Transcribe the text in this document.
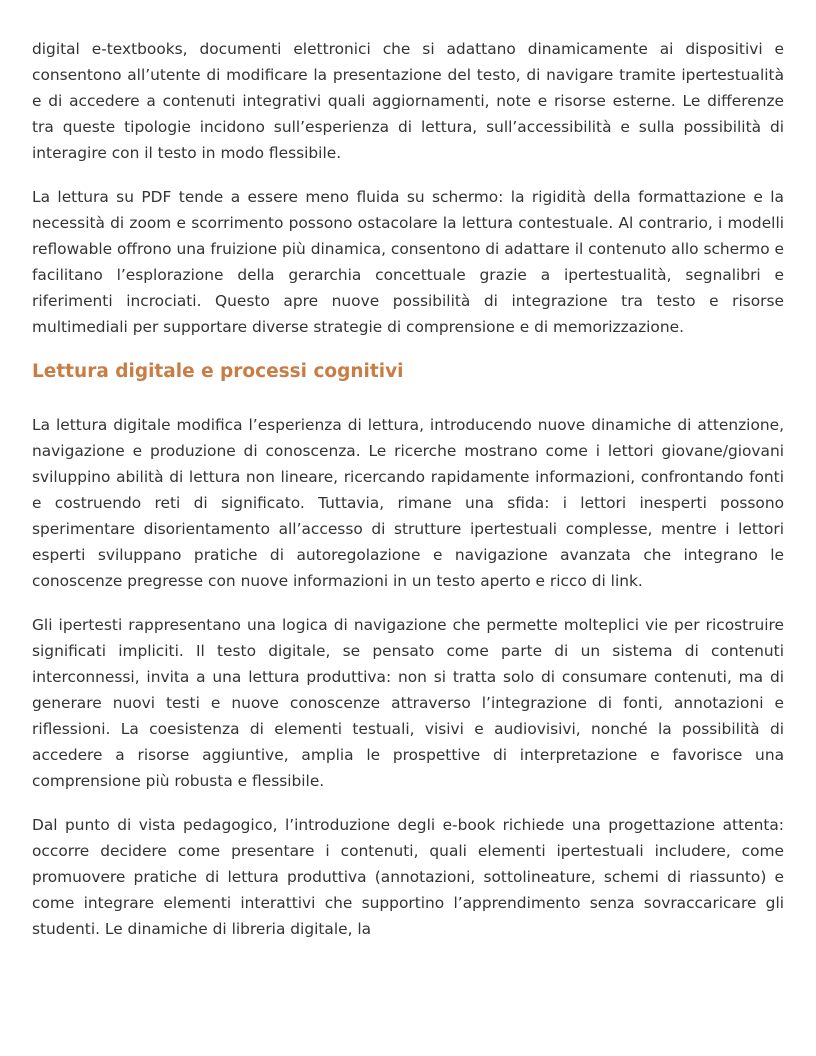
digital e-textbooks, documenti elettronici che si adattano dinamicamente ai dispositivi e consentono all’utente di modificare la presentazione del testo, di navigare tramite ipertestualità e di accedere a contenuti integrativi quali aggiornamenti, note e risorse esterne. Le differenze tra queste tipologie incidono sull’esperienza di lettura, sull’accessibilità e sulla possibilità di interagire con il testo in modo flessibile.

La lettura su PDF tende a essere meno fluida su schermo: la rigidità della formattazione e la necessità di zoom e scorrimento possono ostacolare la lettura contestuale. Al contrario, i modelli reflowable offrono una fruizione più dinamica, consentono di adattare il contenuto allo schermo e facilitano l’esplorazione della gerarchia concettuale grazie a ipertestualità, segnalibri e riferimenti incrociati. Questo apre nuove possibilità di integrazione tra testo e risorse multimediali per supportare diverse strategie di comprensione e di memorizzazione.

Lettura digitale e processi cognitivi

La lettura digitale modifica l’esperienza di lettura, introducendo nuove dinamiche di attenzione, navigazione e produzione di conoscenza. Le ricerche mostrano come i lettori giovane/giovani sviluppino abilità di lettura non lineare, ricercando rapidamente informazioni, confrontando fonti e costruendo reti di significato. Tuttavia, rimane una sfida: i lettori inesperti possono sperimentare disorientamento all’accesso di strutture ipertestuali complesse, mentre i lettori esperti sviluppano pratiche di autoregolazione e navigazione avanzata che integrano le conoscenze pregresse con nuove informazioni in un testo aperto e ricco di link.

Gli ipertesti rappresentano una logica di navigazione che permette molteplici vie per ricostruire significati impliciti. Il testo digitale, se pensato come parte di un sistema di contenuti interconnessi, invita a una lettura produttiva: non si tratta solo di consumare contenuti, ma di generare nuovi testi e nuove conoscenze attraverso l’integrazione di fonti, annotazioni e riflessioni. La coesistenza di elementi testuali, visivi e audiovisivi, nonché la possibilità di accedere a risorse aggiuntive, amplia le prospettive di interpretazione e favorisce una comprensione più robusta e flessibile.

Dal punto di vista pedagogico, l’introduzione degli e-book richiede una progettazione attenta: occorre decidere come presentare i contenuti, quali elementi ipertestuali includere, come promuovere pratiche di lettura produttiva (annotazioni, sottolineature, schemi di riassunto) e come integrare elementi interattivi che supportino l’apprendimento senza sovraccaricare gli studenti. Le dinamiche di libreria digitale, la
